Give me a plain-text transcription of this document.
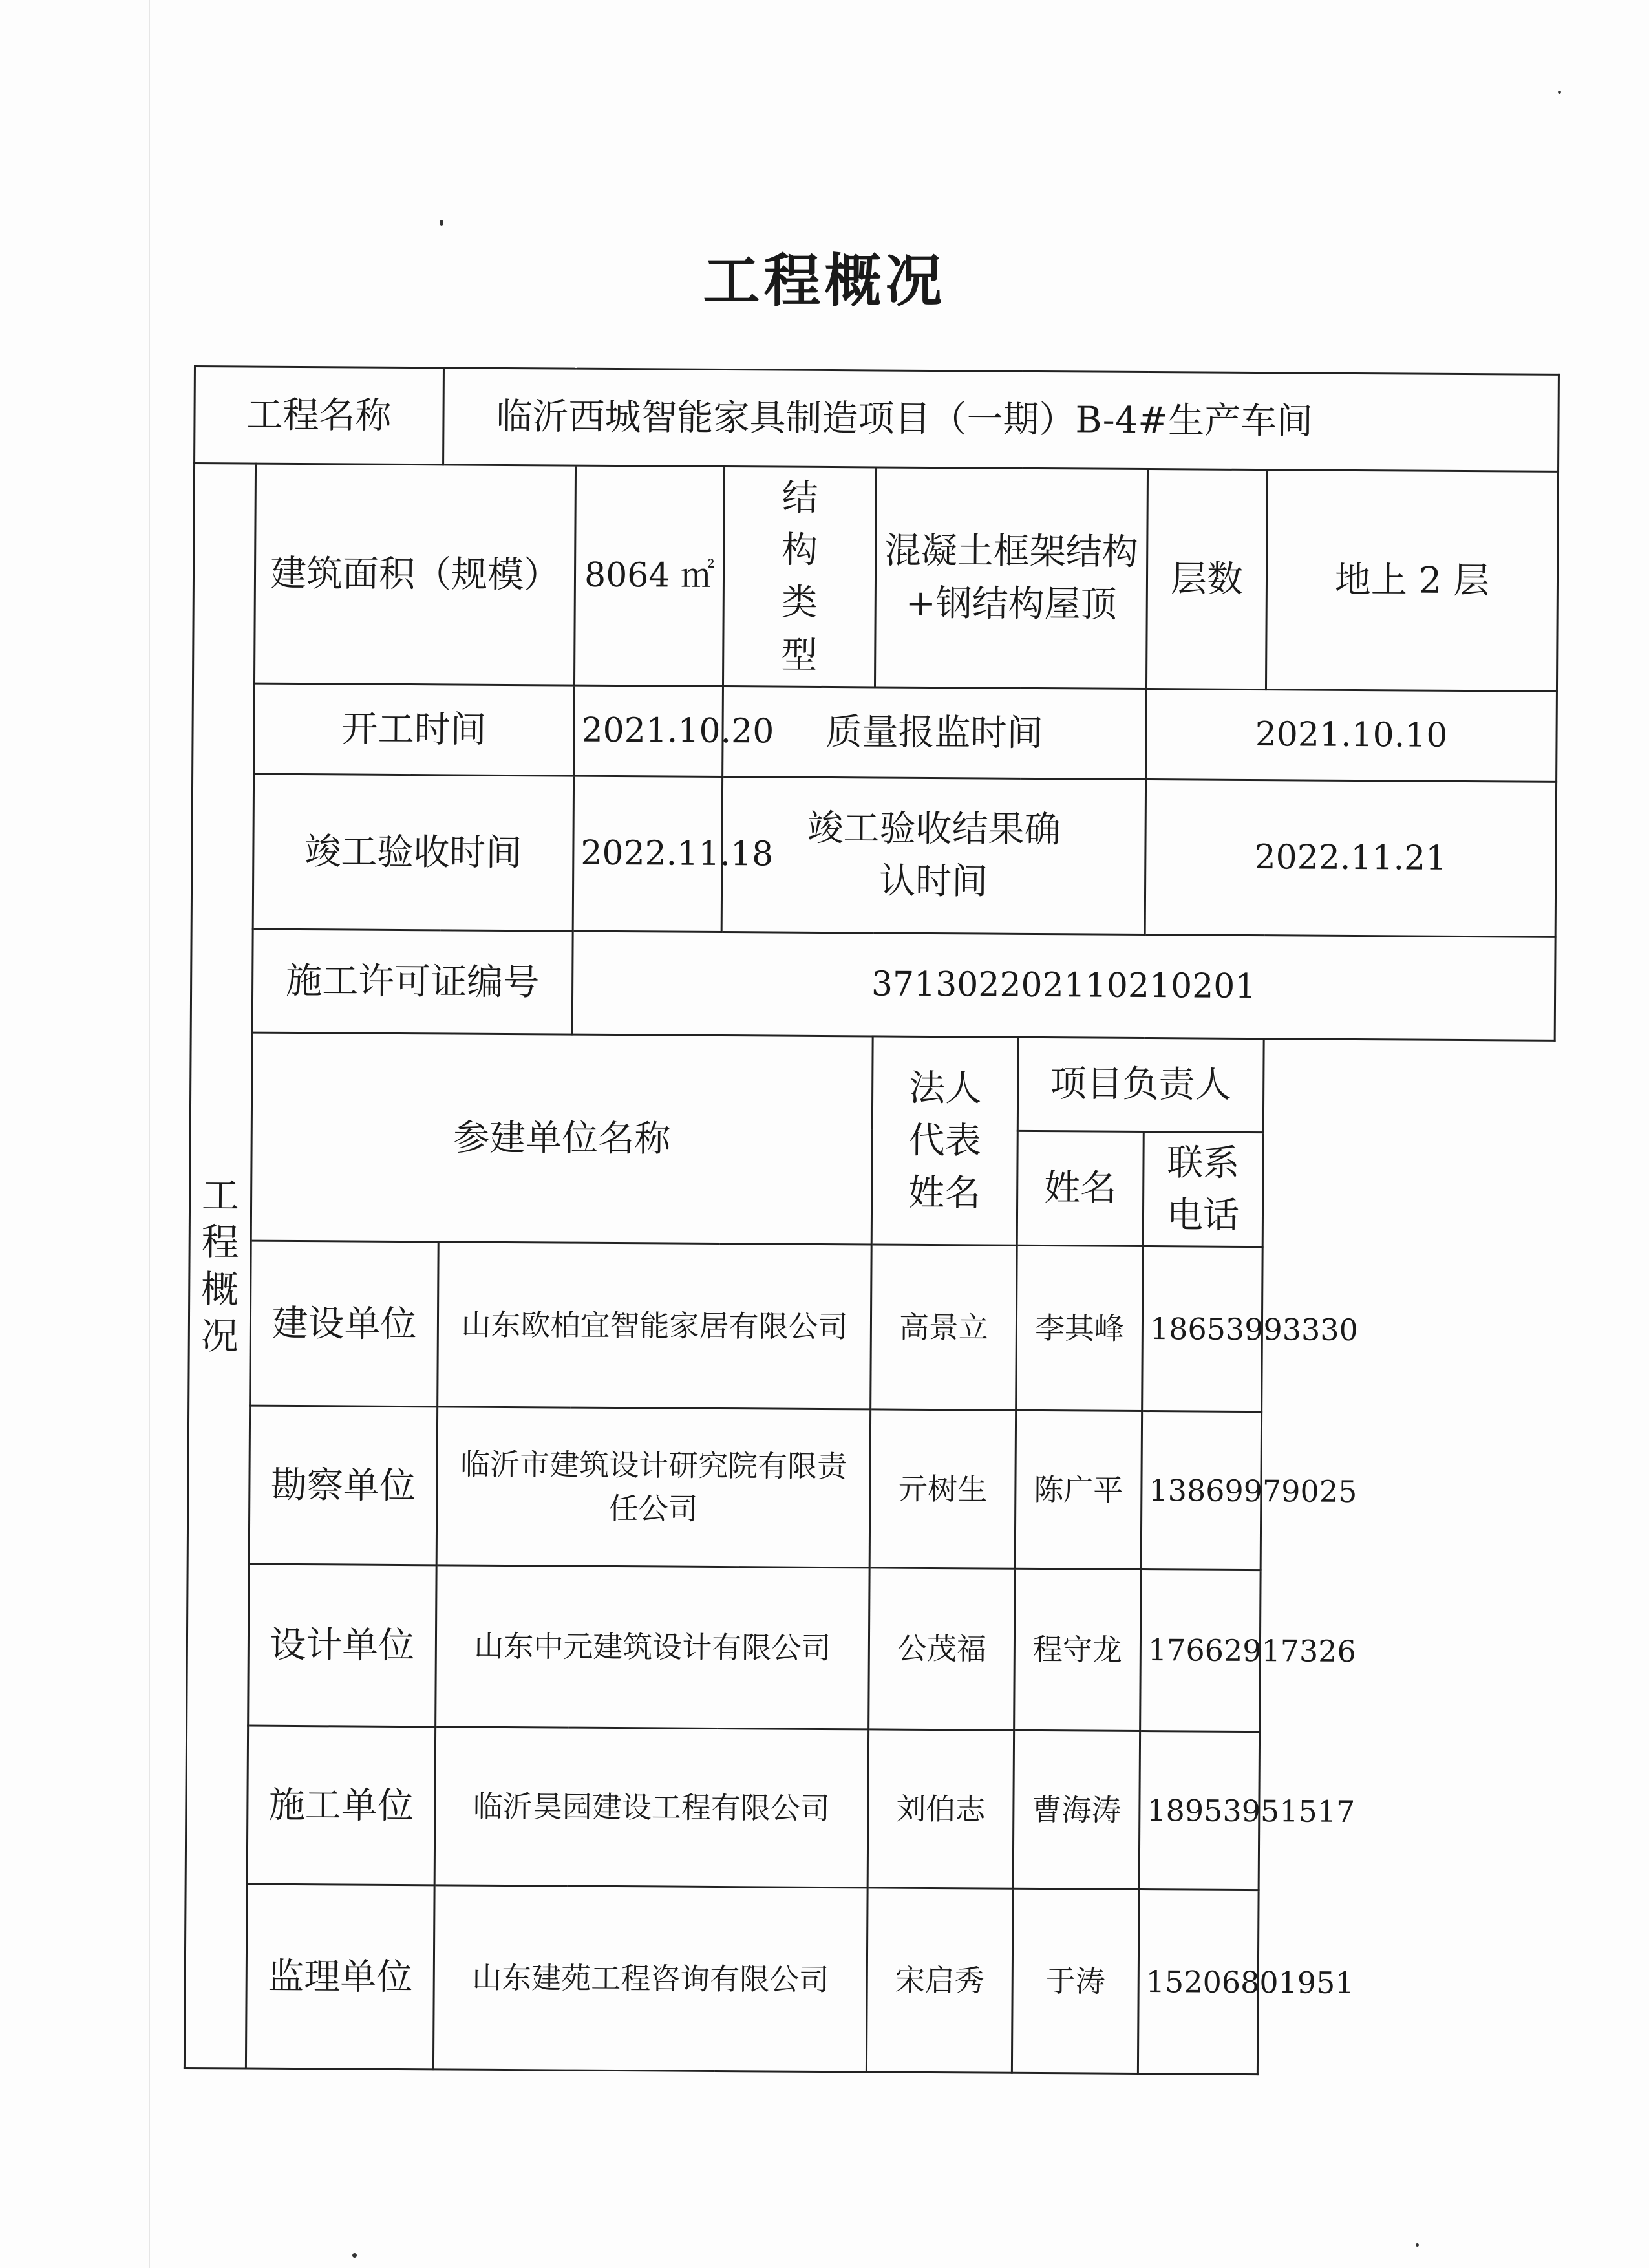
工程概况
工程名称		临沂西城智能家具制造项目（一期）B-4#生产车间						

工程概况	建筑面积（规模）		8064 ㎡	结构类型	混凝土框架结构+钢结构屋顶		层数	地上 2 层
	开工时间		2021.10.20	质量报监时间			2021.10.10	
	竣工验收时间		2022.11.18	竣工验收结果确认时间			2022.11.21	
	施工许可证编号		371302202110210201					
	参建单位名称				法人代表姓名	项目负责人		
						姓名	联系电话	
	建设单位	山东欧柏宜智能家居有限公司			高景立	李其峰	18653993330	
	勘察单位	临沂市建筑设计研究院有限责任公司			亓树生	陈广平	13869979025	
	设计单位	山东中元建筑设计有限公司			公茂福	程守龙	17662917326	
	施工单位	临沂昊园建设工程有限公司			刘伯志	曹海涛	18953951517	
	监理单位	山东建苑工程咨询有限公司			宋启秀	于涛	15206801951	
